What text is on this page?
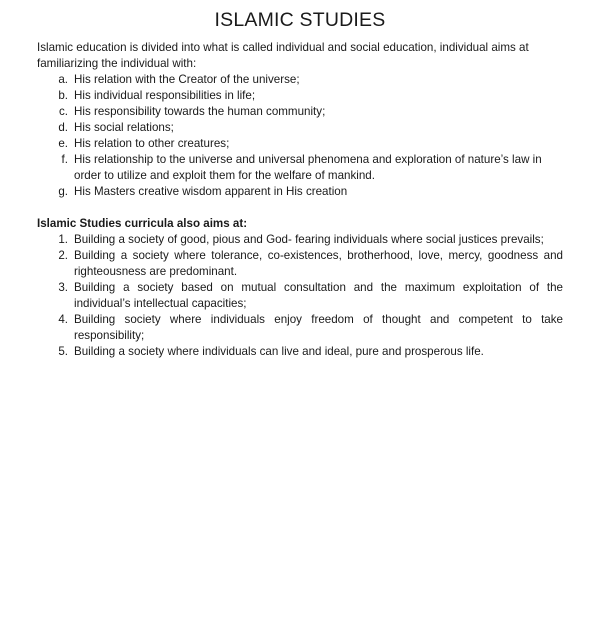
ISLAMIC STUDIES

Islamic education is divided into what is called individual and social education, individual aims at familiarizing the individual with:

a. His relation with the Creator of the universe;
b. His individual responsibilities in life;
c. His responsibility towards the human community;
d. His social relations;
e. His relation to other creatures;
f. His relationship to the universe and universal phenomena and exploration of nature’s law in order to utilize and exploit them for the welfare of mankind.
g. His Masters creative wisdom apparent in His creation

Islamic Studies curricula also aims at:

1. Building a society of good, pious and God- fearing individuals where social justices prevails;
2. Building a society where tolerance, co-existences, brotherhood, love, mercy, goodness and righteousness are predominant.
3. Building a society based on mutual consultation and the maximum exploitation of the individual’s intellectual capacities;
4. Building society where individuals enjoy freedom of thought and competent to take responsibility;
5. Building a society where individuals can live and ideal, pure and prosperous life.
